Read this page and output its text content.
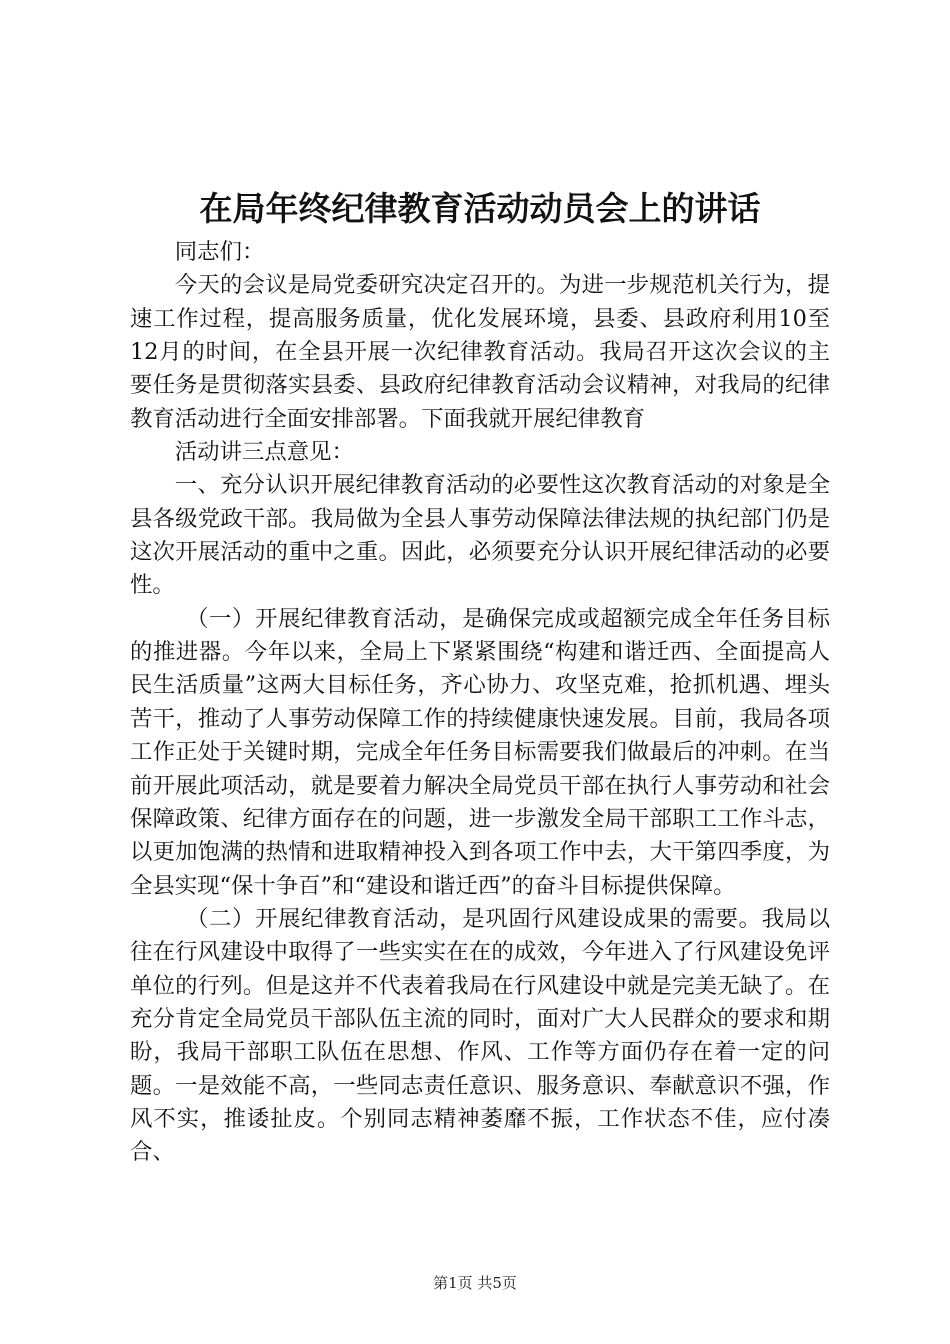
在局年终纪律教育活动动员会上的讲话

同志们：

今天的会议是局党委研究决定召开的。为进一步规范机关行为，提速工作过程，提高服务质量，优化发展环境，县委、县政府利用10至12月的时间，在全县开展一次纪律教育活动。我局召开这次会议的主要任务是贯彻落实县委、县政府纪律教育活动会议精神，对我局的纪律教育活动进行全面安排部署。下面我就开展纪律教育

活动讲三点意见：

一、充分认识开展纪律教育活动的必要性这次教育活动的对象是全县各级党政干部。我局做为全县人事劳动保障法律法规的执纪部门仍是这次开展活动的重中之重。因此，必须要充分认识开展纪律活动的必要性。

（一）开展纪律教育活动，是确保完成或超额完成全年任务目标的推进器。今年以来，全局上下紧紧围绕“构建和谐迁西、全面提高人民生活质量”这两大目标任务，齐心协力、攻坚克难，抢抓机遇、埋头苦干，推动了人事劳动保障工作的持续健康快速发展。目前，我局各项工作正处于关键时期，完成全年任务目标需要我们做最后的冲刺。在当前开展此项活动，就是要着力解决全局党员干部在执行人事劳动和社会保障政策、纪律方面存在的问题，进一步激发全局干部职工工作斗志，以更加饱满的热情和进取精神投入到各项工作中去，大干第四季度，为全县实现“保十争百”和“建设和谐迁西”的奋斗目标提供保障。

（二）开展纪律教育活动，是巩固行风建设成果的需要。我局以往在行风建设中取得了一些实实在在的成效，今年进入了行风建设免评单位的行列。但是这并不代表着我局在行风建设中就是完美无缺了。在充分肯定全局党员干部队伍主流的同时，面对广大人民群众的要求和期盼，我局干部职工队伍在思想、作风、工作等方面仍存在着一定的问题。一是效能不高，一些同志责任意识、服务意识、奉献意识不强，作风不实，推诿扯皮。个别同志精神萎靡不振，工作状态不佳，应付凑合、

第1页 共5页
